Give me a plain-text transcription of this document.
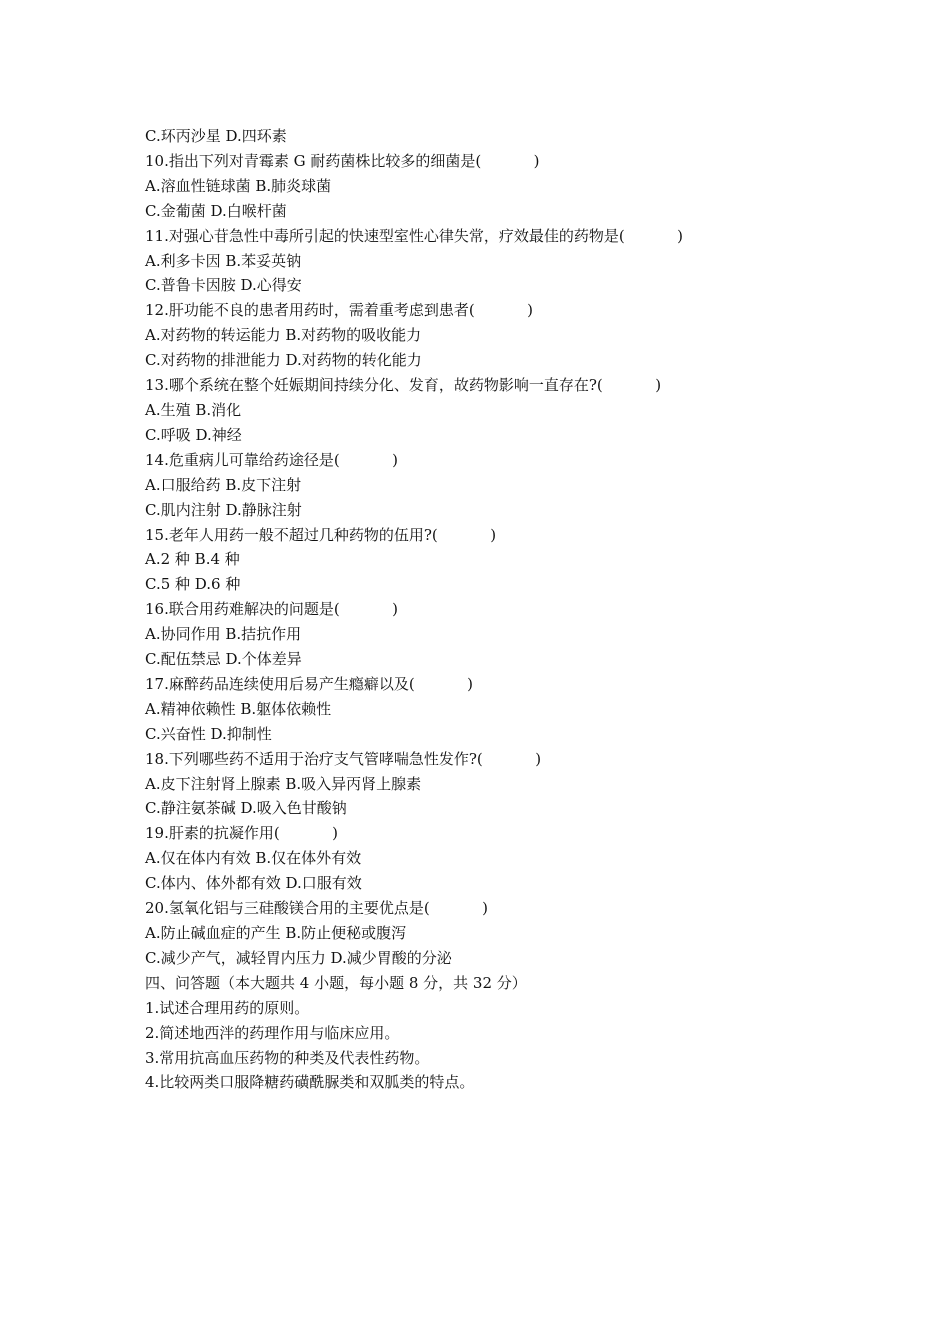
C.环丙沙星 D.四环素

10.指出下列对青霉素 G 耐药菌株比较多的细菌是(           )

A.溶血性链球菌 B.肺炎球菌

C.金葡菌 D.白喉杆菌

11.对强心苷急性中毒所引起的快速型室性心律失常，疗效最佳的药物是(           )

A.利多卡因 B.苯妥英钠

C.普鲁卡因胺 D.心得安

12.肝功能不良的患者用药时，需着重考虑到患者(           )

A.对药物的转运能力 B.对药物的吸收能力

C.对药物的排泄能力 D.对药物的转化能力

13.哪个系统在整个妊娠期间持续分化、发育，故药物影响一直存在?(           )

A.生殖 B.消化

C.呼吸 D.神经

14.危重病儿可靠给药途径是(           )

A.口服给药 B.皮下注射

C.肌内注射 D.静脉注射

15.老年人用药一般不超过几种药物的伍用?(           )

A.2 种 B.4 种

C.5 种 D.6 种

16.联合用药难解决的问题是(           )

A.协同作用 B.拮抗作用

C.配伍禁忌 D.个体差异

17.麻醉药品连续使用后易产生瘾癖以及(           )

A.精神依赖性 B.躯体依赖性

C.兴奋性 D.抑制性

18.下列哪些药不适用于治疗支气管哮喘急性发作?(           )

A.皮下注射肾上腺素 B.吸入异丙肾上腺素

C.静注氨茶碱 D.吸入色甘酸钠

19.肝素的抗凝作用(           )

A.仅在体内有效 B.仅在体外有效

C.体内、体外都有效 D.口服有效

20.氢氧化铝与三硅酸镁合用的主要优点是(           )

A.防止碱血症的产生 B.防止便秘或腹泻

C.减少产气，减轻胃内压力 D.减少胃酸的分泌

四、问答题（本大题共 4 小题，每小题 8 分，共 32 分）

1.试述合理用药的原则。

2.简述地西泮的药理作用与临床应用。

3.常用抗高血压药物的种类及代表性药物。

4.比较两类口服降糖药磺酰脲类和双胍类的特点。
